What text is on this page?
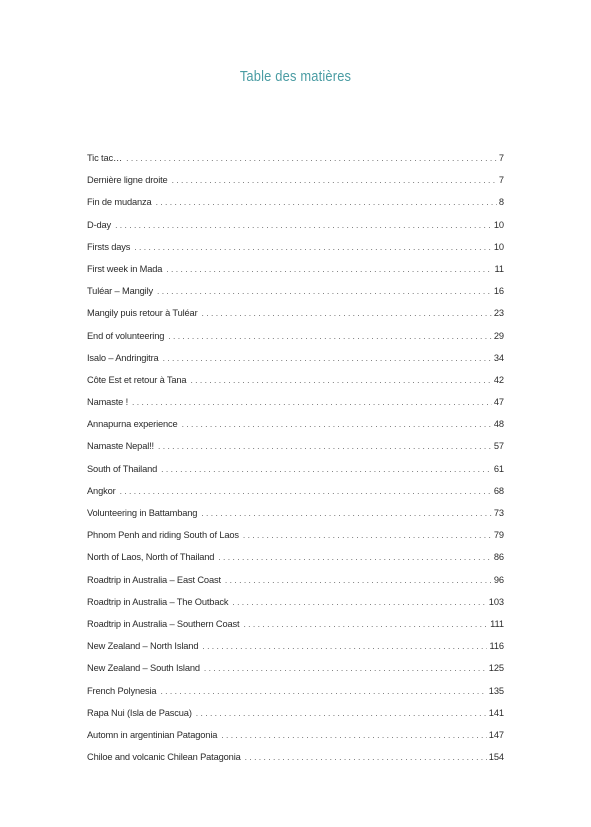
Table des matières
Tic tac… . . .	7
Dernière ligne droite . . .	7
Fin de mudanza . . .	8
D-day . . .	10
Firsts days . . .	10
First week in Mada . . .	11
Tuléar – Mangily . . .	16
Mangily puis retour à Tuléar . . .	23
End of volunteering . . .	29
Isalo – Andringitra . . .	34
Côte Est et retour à Tana . . .	42
Namaste ! . . .	47
Annapurna experience . . .	48
Namaste Nepal!! . . .	57
South of Thailand . . .	61
Angkor . . .	68
Volunteering in Battambang . . .	73
Phnom Penh and riding South of Laos . . .	79
North of Laos, North of Thailand . . .	86
Roadtrip in Australia – East Coast . . .	96
Roadtrip in Australia – The Outback . . .	103
Roadtrip in Australia – Southern Coast . . .	111
New Zealand – North Island . . .	116
New Zealand – South Island . . .	125
French Polynesia . . .	135
Rapa Nui (Isla de Pascua) . . .	141
Automn in argentinian Patagonia . . .	147
Chiloe and volcanic Chilean Patagonia . . .	154
